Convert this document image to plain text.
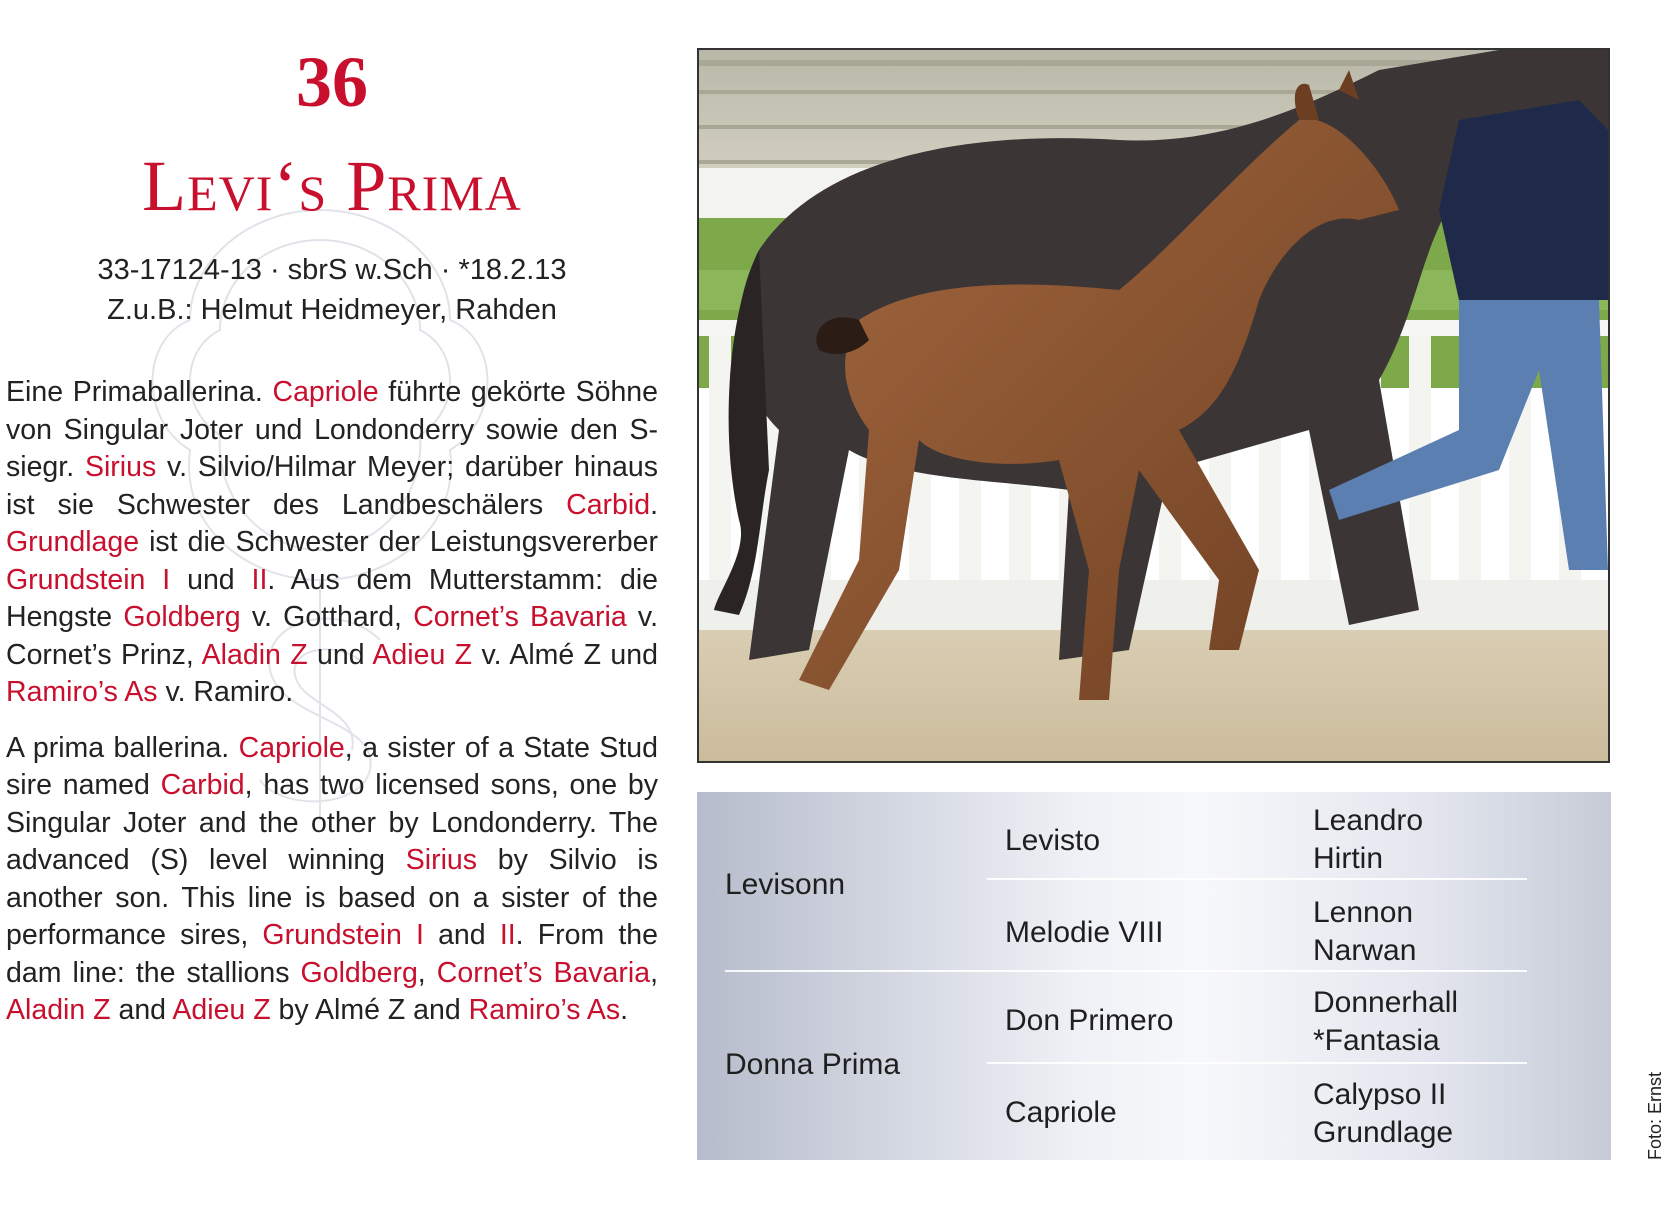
36
Levi‘s Prima
33-17124-13 · sbrS w.Sch · *18.2.13
Z.u.B.: Helmut Heidmeyer, Rahden
Eine Primaballerina. Capriole führte gekörte Söhne von Singular Joter und Londonderry sowie den S-siegr. Sirius v. Silvio/Hilmar Meyer; darüber hinaus ist sie Schwester des Landbeschälers Carbid. Grundlage ist die Schwester der Leistungsvererber Grundstein I und II. Aus dem Mutterstamm: die Hengste Goldberg v. Gotthard, Cornet’s Bavaria v. Cornet’s Prinz, Aladin Z und Adieu Z v. Almé Z und Ramiro’s As v. Ramiro.
A prima ballerina. Capriole, a sister of a State Stud sire named Carbid, has two licensed sons, one by Singular Joter and the other by Londonderry. The advanced (S) level winning Sirius by Silvio is another son. This line is based on a sister of the performance sires, Grundstein I and II. From the dam line: the stallions Goldberg, Cornet’s Bavaria, Aladin Z and Adieu Z by Almé Z and Ramiro’s As.
Levisonn
Donna Prima
Levisto
Melodie VIII
Don Primero
Capriole
Leandro
Hirtin
Lennon
Narwan
Donnerhall
*Fantasia
Calypso II
Grundlage	Foto: Ernst
